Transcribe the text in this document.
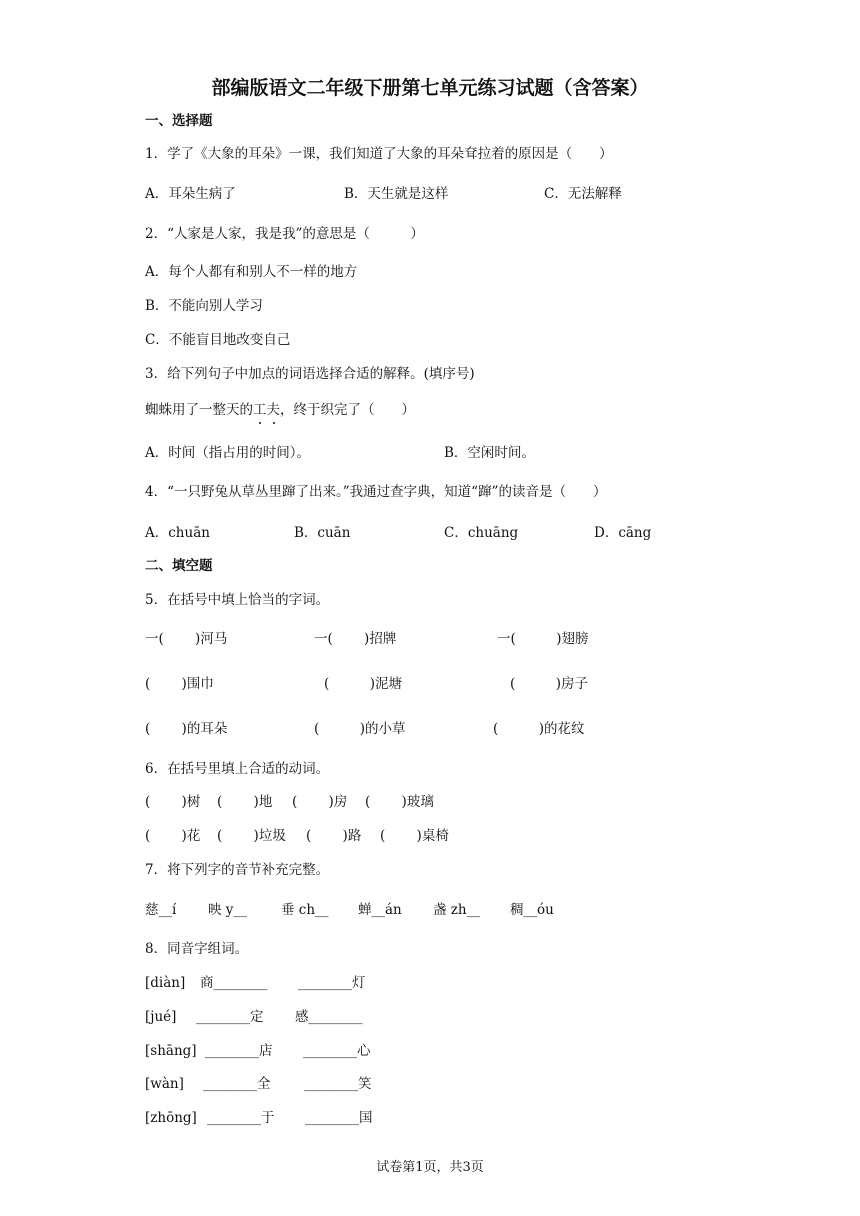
部编版语文二年级下册第七单元练习试题（含答案）
一、选择题
1．学了《大象的耳朵》一课，我们知道了大象的耳朵耷拉着的原因是（　　）
A．耳朵生病了	B．天生就是这样	C．无法解释
2．“人家是人家，我是我”的意思是（　　　）
A．每个人都有和别人不一样的地方
B．不能向别人学习
C．不能盲目地改变自己
3．给下列句子中加点的词语选择合适的解释。(填序号)
蜘蛛用了一整天的工夫
，终于织完了（　　）
A．时间（指占用的时间）。	B．空闲时间。
4．“一只野兔从草丛里蹿了出来。”我通过查字典，知道“蹿”的读音是（　　）
A．chuān	B．cuān	C．chuāng	D．cāng
二、填空题
5．在括号中填上恰当的字词。
一(　　 )河马	一(　　 )招牌	一(　　　)翅膀
(　　 )围巾	(　　　)泥塘	(　　　)房子
(　　 )的耳朵	(　　　)的小草	(　　　)的花纹
6．在括号里填上合适的动词。
(　　 )树 (　　 )地 (　　 )房 (　　 )玻璃
(　　 )花 (　　 )垃圾 (　　 )路 (　　 )桌椅
7．将下列字的音节补充完整。
慈__í 映 y__	垂 ch__ 蝉__án 盏 zh__ 稠__óu
8．同音字组词。
[diàn] 商________ ________灯
[jué] ________定 感________
[shāng] ________店 ________心
[wàn] ________全 ________笑
[zhōng] ________于 ________国
试卷第1页，共3页
